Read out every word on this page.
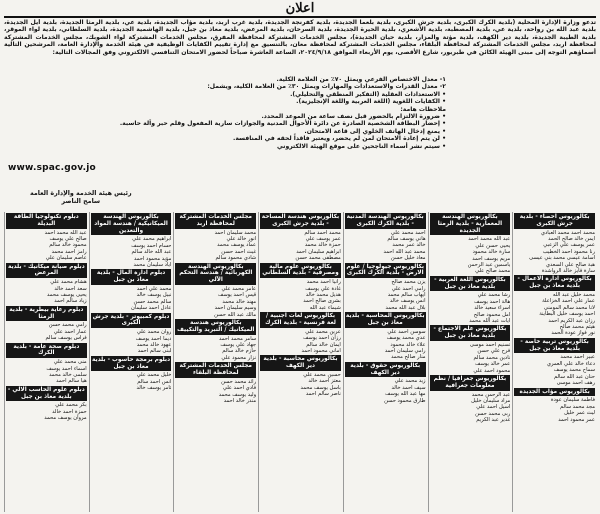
اعلان
تدعو وزارة الإدارة المحلية (بلدية الكرك الكبرى، بلدية جرش الكبرى، بلدية بلعما الجديدة، بلدية كفرنجة الجديدة، بلدية غرب اربد، بلدية مؤاب الجديدة، بلدية عي، بلدية الرمثا الجديدة، بلدية أيل الجديدة، بلدية عبد الله بن رواحة، بلدية عي، بلدية المصطبة، بلدية الأشعري، بلدية الحيرة الجديدة، بلدية السرحان، بلدية المرعض، بلدية معاذ بن جبل، بلدية الهاشمية الجديدة، بلدية السلطاني، بلدية لواء الموقر، بلدية الطيبة الجديدة، بلدية دير الكهف، بلدية مؤتة والمزار، بلدية حيان الجديدة)، مجلس الخدمات المشتركة لمحافظة المفرق، مجلس الخدمات المشتركة لواء الشوبك، مجلس الخدمات المشتركة لمحافظة اربد، مجلس الخدمات المشتركة لمحافظة البلقاء، مجلس الخدمات المشتركة لمحافظة معان، بالتنسيق مع إدارة تقييم الكفايات الوظيفية في هيئة الخدمة والإدارة العامة، المرشحين التالية أسماؤهم التوجه إلى مبنى الهيئة الكائن في طبربور، شارع الأقصى، يوم الأربعاء الموافق ٢٠٢٤/٩/١٨، الساعة العاشرة صباحاً لحضور الامتحان التنافسي الالكتروني وفق المجالات التالية:
١- معدل الاختصاص الفرعي ويمثل ٧٠٪ من العلامة الكلية.
٢- معدل القدرات والاستعدادات والمهارات ويمثل ٣٠٪ من العلامة الكلية، ويشمل:
• الاستعدادات العقلية (التفكير المنطقي والتحليلي).
• الكفايات اللغوية (اللغة العربية واللغة الإنجليزية).
ملاحظات هامة:
• ضرورة الالتزام بالحضور قبل نصف ساعة من الموعد المحدد.
• إحضار البطاقة الشخصية الصادرة عن دائرة الأحوال المدنية والجوازات سارية المفعول وقلم حبر واَلة حاسبة.
• يمنع إدخال الهاتف الخلوي إلى قاعة الامتحان.
• لن يتم إعادة الامتحان لمن لم يحضر، ويعتبر فاقداً لحقه في المنافسة.
• سيتم نشر أسماء الناجحين على موقع الهيئة الالكتروني
www.spac.gov.jo
رئيس هيئة الخدمة والإدارة العامة
سامح الناصر
بكالوريوس احصاء - بلدية جرش الكبرى
محمد احمد محمد العبادي
ايمن خالد صالح الحمد
عمر يوسف علي الزعبي
رنا محمود احمد الخطيب
اسامة عيسى محمد بني عيسى
هبة صالح علي السعدي
سارة فايز خالد الرواشدة
بكالوريوس ادارة الاعمال - بلدية معاذ بن جبل
محمد خليل عبد الله
عمار علي احمد الخزاعلة
لانا محمد سالم المومني
احمد يوسف خليل البطاينة
رزان عبد الكريم احمد
هيثم محمد صالح
نور فواز عودة الحمد
بكالوريوس تربية خاصة - بلدية معاذ بن جبل
عبير احمد محمد
دعاء خالد علي العمري
سماح محمد يوسف
حنان عبد الله سالم
رهف احمد موسى
بكالوريوس مؤاب الجديدة
فاطمة سليمان عودة
مجد محمد سالم
ليث عمر خليل
عمر محمود احمد
بكالوريوس الهندسة المعمارية - بلدية الرمثا الجديدة
عبد الله محمد احمد
يحيى حسن علي
سارة خالد محمود
مريم يوسف احمد
ياسمين عبد الرحمن
محمد صالح علي
بكالوريوس اللغة العربية - بلدية معاذ بن جبل
رشا محمد علي
هالة احمد يوسف
اسراء سعيد خالد
امل محمود صالح
ايات عبد الله محمد
بكالوريوس علم الاجتماع - بلدية معاذ بن جبل
تسنيم احمد موسى
فرح علي حسن
نادين محمد سالم
عمر خالد يوسف
محمود احمد علي
بكالوريوس جغرافيا / نظم معلومات جغرافية
عبد الرحمن محمد
مراد سليمان خليل
اسيل احمد علي
ربى محمد حسن
غدير عبد الكريم
بكالوريوس الهندسة المدنية - بلدية الكرك الكبرى
احمد محمد علي
هاني يوسف سالم
خالد عمر محمد
محمد عبد الله احمد
معاذ خليل حسن
بكالوريوس جيولوجيا / علوم الارض - بلدية الكرك الكبرى
يزن محمد صالح
رامي احمد علي
ايهاب سالم محمد
انس يوسف خالد
بلال عبد الله محمد
بكالوريوس المحاسبة - بلدية معاذ بن جبل
سوسن احمد علي
عدي محمد يوسف
علاء خالد محمود
رامي سليمان احمد
منار صالح محمد
بكالوريوس حقوق - بلدية دير الكهف
زيد محمد علي
سيف احمد خالد
مها عبد الله يوسف
طارق محمود حسن
بكالوريوس هندسة المساحة - بلدية جرش الكبرى
محمد احمد سالم
عمر يوسف علي
حمزة خالد محمد
ابراهيم سليمان احمد
مصطفى محمد حسن
بكالوريوس علوم مالية ومصرفية - بلدية السلطاني
رانيا احمد محمد
غادة علي يوسف
هديل محمد خالد
بشرى صالح احمد
شيماء عبد الله
بكالوريوس لغات اجنبية / لغة فرنسية - بلدية الكرك
عرين محمد علي
رزان احمد يوسف
ايمان خالد سالم
اماني محمود احمد
بكالوريوس محاسبة - بلدية دير الكهف
حسين محمد علي
معتز احمد خالد
باسل يوسف محمد
ناصر سالم احمد
مجلس الخدمات المشتركة لمحافظة اربد
محمد سليمان احمد
انور خالد علي
عماد يوسف محمد
غيث احمد حسن
شادي محمود سالم
بكالوريوس الهندسة الكهربائية / هندسة التحكم الآلي
عامر محمد علي
قيس احمد يوسف
مهند خالد محمد
وسيم سليمان احمد
مالك عبد الله حسن
بكالوريوس هندسة الميكانيك / التبريد والتكييف
سامر محمد احمد
جهاد علي يوسف
حازم خالد سالم
نزار محمود علي
مجلس الخدمات المشتركة لمحافظة البلقاء
رائد محمد حسن
فادي احمد علي
وليد يوسف محمد
منذر خالد احمد
بكالوريوس الهندسة الميكانيكية / هندسة المواد والتعدين
ابراهيم محمد علي
حسام احمد يوسف
عبد الله خالد سالم
مؤيد محمود احمد
اياد سليمان محمد
دبلوم ادارة المال - بلدية معاذ بن جبل
محمد علي احمد
نبيل يوسف خالد
سالم محمد حسن
عادل احمد سليمان
دبلوم كمبيوتر - بلدية جرش الكبرى
روان محمد علي
ديما احمد يوسف
عهود خالد محمد
لبنى سالم احمد
دبلوم برمجة حاسوب - بلدية معاذ بن جبل
خليل محمد علي
انس احمد سالم
ثامر يوسف خالد
دبلوم تكنولوجيا الطاقة البديلة
عبد الله محمد احمد
صالح علي يوسف
محمود خالد سالم
رامز احمد محمد
عاصم سليمان علي
دبلوم صيانة ميكانيك - بلدية المرعض
هشام محمد علي
سعد احمد خالد
يحيى يوسف محمد
زياد سالم احمد
دبلوم رعاية بيطرية - بلدية الرمثا
رامي محمد حسن
عمار احمد علي
فراس يوسف سالم
دبلوم صحة عامة - بلدية الكرك
منى محمد علي
اسماء احمد يوسف
سلمى خالد محمد
هيا سالم احمد
دبلوم علوم الحاسب الالي - بلدية معاذ بن جبل
بكر محمد علي
حمزة احمد خالد
مروان يوسف محمد
